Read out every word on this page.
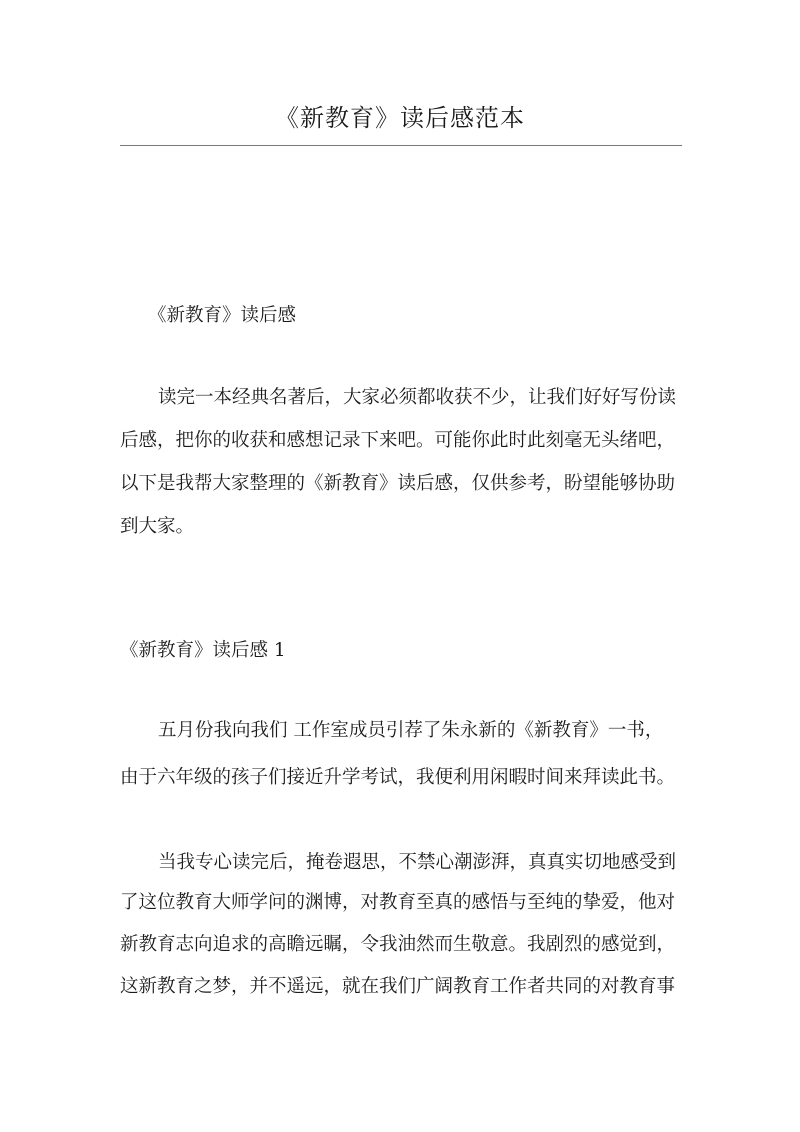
《新教育》读后感范本
《新教育》读后感
读完一本经典名著后，大家必须都收获不少，让我们好好写份读
后感，把你的收获和感想记录下来吧。可能你此时此刻毫无头绪吧，
以下是我帮大家整理的《新教育》读后感，仅供参考，盼望能够协助
到大家。
《新教育》读后感 1
五月份我向我们 工作室成员引荐了朱永新的《新教育》一书，
由于六年级的孩子们接近升学考试，我便利用闲暇时间来拜读此书。
当我专心读完后，掩卷遐思，不禁心潮澎湃，真真实切地感受到
了这位教育大师学问的渊博，对教育至真的感悟与至纯的挚爱，他对
新教育志向追求的高瞻远瞩，令我油然而生敬意。我剧烈的感觉到，
这新教育之梦，并不遥远，就在我们广阔教育工作者共同的对教育事
